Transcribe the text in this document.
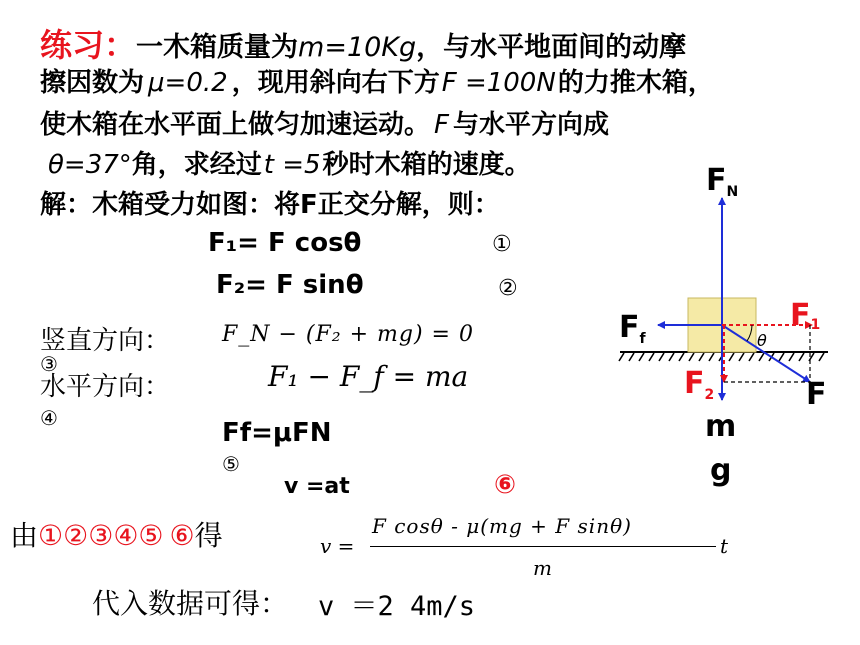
练习：一木箱质量为m=10Kg，与水平地面间的动摩
擦因数为 μ=0.2 ，现用斜向右下方F =100N的力推木箱，
使木箱在水平面上做匀加速运动。 F 与水平方向成
θ=37°角，求经过t =5秒时木箱的速度。
解：木箱受力如图：将F正交分解，则：
F₁= F cosθ	①
F₂= F sinθ	②
竖直方向： F_N − (F₂ + mg) = 0
③
水平方向：	F₁ − F_f = ma
④	Ff=μFN
⑤
v =at	⑥
由①②③④⑤ ⑥得	v =
F cosθ - μ(mg + F sinθ)
m
t
代入数据可得： v ＝2 4m/s
θ
$F_N$
$F_f$
F1
$F_2$	F
m
g
